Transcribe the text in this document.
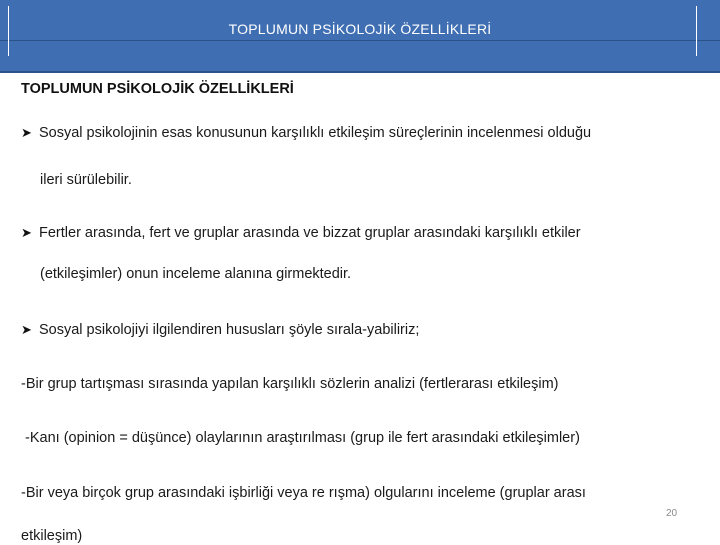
TOPLUMUN PSİKOLOJİK ÖZELLİKLERİ
TOPLUMUN PSİKOLOJİK ÖZELLİKLERİ
➤ Sosyal psikolojinin esas konusunun karşılıklı etkileşim süreçlerinin incelenmesi olduğu
ileri sürülebilir.
➤ Fertler arasında, fert ve gruplar arasında ve bizzat gruplar arasındaki karşılıklı etkiler
(etkileşimler) onun inceleme alanına girmektedir.
➤ Sosyal psikolojiyi ilgilendiren hususları şöyle sırala-yabiliriz;
-Bir grup tartışması sırasında yapılan karşılıklı sözlerin analizi (fertlerarası etkileşim)
-Kanı (opinion = düşünce) olaylarının araştırılması (grup ile fert arasındaki etkileşimler)
-Bir veya birçok grup arasındaki işbirliği veya re rışma) olgularını inceleme (gruplar arası
etkileşim)
20
